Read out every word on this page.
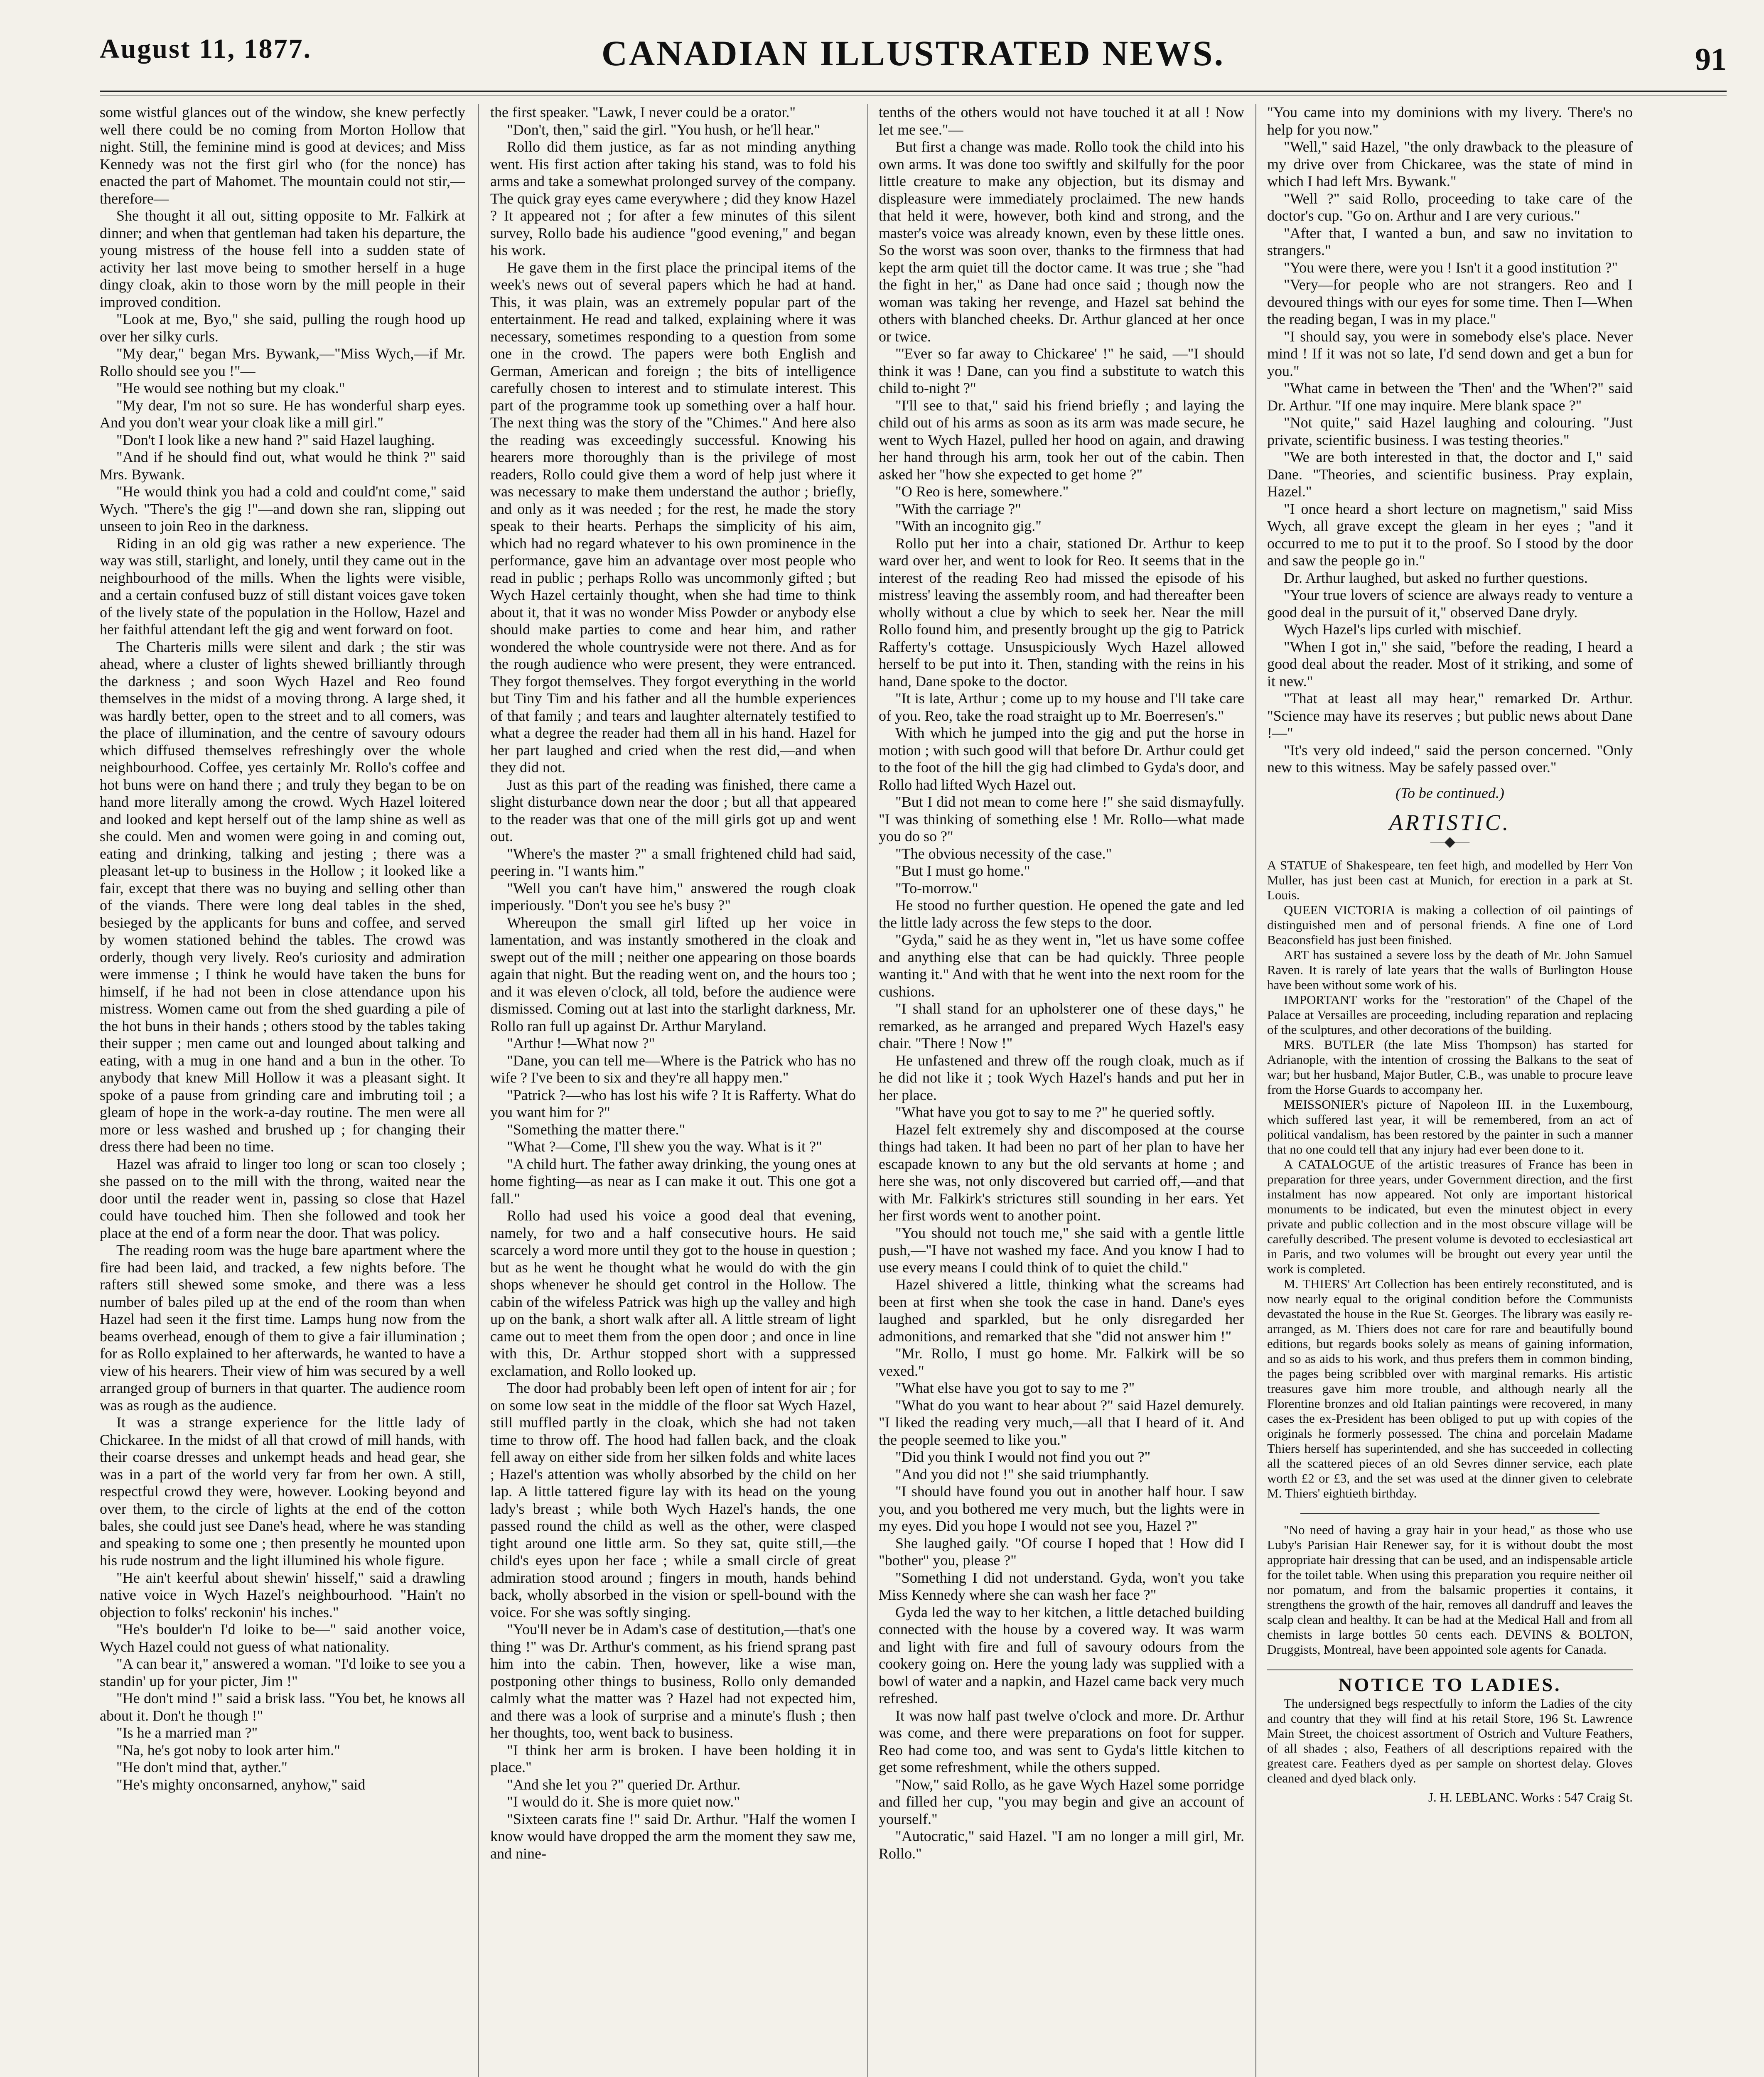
August 11, 1877.	CANADIAN ILLUSTRATED NEWS.	91

some wistful glances out of the window, she knew perfectly well there could be no coming from Morton Hollow that night. Still, the feminine mind is good at devices; and Miss Kennedy was not the first girl who (for the nonce) has enacted the part of Mahomet. The mountain could not stir,—therefore—

She thought it all out, sitting opposite to Mr. Falkirk at dinner; and when that gentleman had taken his departure, the young mistress of the house fell into a sudden state of activity her last move being to smother herself in a huge dingy cloak, akin to those worn by the mill people in their improved condition.

"Look at me, Byo," she said, pulling the rough hood up over her silky curls.

"My dear," began Mrs. Bywank,—"Miss Wych,—if Mr. Rollo should see you !"—

"He would see nothing but my cloak."

"My dear, I'm not so sure. He has wonderful sharp eyes. And you don't wear your cloak like a mill girl."

"Don't I look like a new hand ?" said Hazel laughing.

"And if he should find out, what would he think ?" said Mrs. Bywank.

"He would think you had a cold and could'nt come," said Wych. "There's the gig !"—and down she ran, slipping out unseen to join Reo in the darkness.

Riding in an old gig was rather a new experience. The way was still, starlight, and lonely, until they came out in the neighbourhood of the mills. When the lights were visible, and a certain confused buzz of still distant voices gave token of the lively state of the population in the Hollow, Hazel and her faithful attendant left the gig and went forward on foot.

The Charteris mills were silent and dark ; the stir was ahead, where a cluster of lights shewed brilliantly through the darkness ; and soon Wych Hazel and Reo found themselves in the midst of a moving throng. A large shed, it was hardly better, open to the street and to all comers, was the place of illumination, and the centre of savoury odours which diffused themselves refreshingly over the whole neighbourhood. Coffee, yes certainly Mr. Rollo's coffee and hot buns were on hand there ; and truly they began to be on hand more literally among the crowd. Wych Hazel loitered and looked and kept herself out of the lamp shine as well as she could. Men and women were going in and coming out, eating and drinking, talking and jesting ; there was a pleasant let-up to business in the Hollow ; it looked like a fair, except that there was no buying and selling other than of the viands. There were long deal tables in the shed, besieged by the applicants for buns and coffee, and served by women stationed behind the tables. The crowd was orderly, though very lively. Reo's curiosity and admiration were immense ; I think he would have taken the buns for himself, if he had not been in close attendance upon his mistress. Women came out from the shed guarding a pile of the hot buns in their hands ; others stood by the tables taking their supper ; men came out and lounged about talking and eating, with a mug in one hand and a bun in the other. To anybody that knew Mill Hollow it was a pleasant sight. It spoke of a pause from grinding care and imbruting toil ; a gleam of hope in the work-a-day routine. The men were all more or less washed and brushed up ; for changing their dress there had been no time.

Hazel was afraid to linger too long or scan too closely ; she passed on to the mill with the throng, waited near the door until the reader went in, passing so close that Hazel could have touched him. Then she followed and took her place at the end of a form near the door. That was policy.

The reading room was the huge bare apartment where the fire had been laid, and tracked, a few nights before. The rafters still shewed some smoke, and there was a less number of bales piled up at the end of the room than when Hazel had seen it the first time. Lamps hung now from the beams overhead, enough of them to give a fair illumination ; for as Rollo explained to her afterwards, he wanted to have a view of his hearers. Their view of him was secured by a well arranged group of burners in that quarter. The audience room was as rough as the audience.

It was a strange experience for the little lady of Chickaree. In the midst of all that crowd of mill hands, with their coarse dresses and unkempt heads and head gear, she was in a part of the world very far from her own. A still, respectful crowd they were, however. Looking beyond and over them, to the circle of lights at the end of the cotton bales, she could just see Dane's head, where he was standing and speaking to some one ; then presently he mounted upon his rude nostrum and the light illumined his whole figure.

"He ain't keerful about shewin' hisself," said a drawling native voice in Wych Hazel's neighbourhood. "Hain't no objection to folks' reckonin' his inches."

"He's boulder'n I'd loike to be—" said another voice, Wych Hazel could not guess of what nationality.

"A can bear it," answered a woman. "I'd loike to see you a standin' up for your picter, Jim !"

"He don't mind !" said a brisk lass. "You bet, he knows all about it. Don't he though !"

"Is he a married man ?"

"Na, he's got noby to look arter him."

"He don't mind that, ayther."

"He's mighty onconsarned, anyhow," said

the first speaker. "Lawk, I never could be a orator."

"Don't, then," said the girl. "You hush, or he'll hear."

Rollo did them justice, as far as not minding anything went. His first action after taking his stand, was to fold his arms and take a somewhat prolonged survey of the company. The quick gray eyes came everywhere ; did they know Hazel ? It appeared not ; for after a few minutes of this silent survey, Rollo bade his audience "good evening," and began his work.

He gave them in the first place the principal items of the week's news out of several papers which he had at hand. This, it was plain, was an extremely popular part of the entertainment. He read and talked, explaining where it was necessary, sometimes responding to a question from some one in the crowd. The papers were both English and German, American and foreign ; the bits of intelligence carefully chosen to interest and to stimulate interest. This part of the programme took up something over a half hour. The next thing was the story of the "Chimes." And here also the reading was exceedingly successful. Knowing his hearers more thoroughly than is the privilege of most readers, Rollo could give them a word of help just where it was necessary to make them understand the author ; briefly, and only as it was needed ; for the rest, he made the story speak to their hearts. Perhaps the simplicity of his aim, which had no regard whatever to his own prominence in the performance, gave him an advantage over most people who read in public ; perhaps Rollo was uncommonly gifted ; but Wych Hazel certainly thought, when she had time to think about it, that it was no wonder Miss Powder or anybody else should make parties to come and hear him, and rather wondered the whole countryside were not there. And as for the rough audience who were present, they were entranced. They forgot themselves. They forgot everything in the world but Tiny Tim and his father and all the humble experiences of that family ; and tears and laughter alternately testified to what a degree the reader had them all in his hand. Hazel for her part laughed and cried when the rest did,—and when they did not.

Just as this part of the reading was finished, there came a slight disturbance down near the door ; but all that appeared to the reader was that one of the mill girls got up and went out.

"Where's the master ?" a small frightened child had said, peering in. "I wants him."

"Well you can't have him," answered the rough cloak imperiously. "Don't you see he's busy ?"

Whereupon the small girl lifted up her voice in lamentation, and was instantly smothered in the cloak and swept out of the mill ; neither one appearing on those boards again that night. But the reading went on, and the hours too ; and it was eleven o'clock, all told, before the audience were dismissed. Coming out at last into the starlight darkness, Mr. Rollo ran full up against Dr. Arthur Maryland.

"Arthur !—What now ?"

"Dane, you can tell me—Where is the Patrick who has no wife ? I've been to six and they're all happy men."

"Patrick ?—who has lost his wife ? It is Rafferty. What do you want him for ?"

"Something the matter there."

"What ?—Come, I'll shew you the way. What is it ?"

"A child hurt. The father away drinking, the young ones at home fighting—as near as I can make it out. This one got a fall."

Rollo had used his voice a good deal that evening, namely, for two and a half consecutive hours. He said scarcely a word more until they got to the house in question ; but as he went he thought what he would do with the gin shops whenever he should get control in the Hollow. The cabin of the wifeless Patrick was high up the valley and high up on the bank, a short walk after all. A little stream of light came out to meet them from the open door ; and once in line with this, Dr. Arthur stopped short with a suppressed exclamation, and Rollo looked up.

The door had probably been left open of intent for air ; for on some low seat in the middle of the floor sat Wych Hazel, still muffled partly in the cloak, which she had not taken time to throw off. The hood had fallen back, and the cloak fell away on either side from her silken folds and white laces ; Hazel's attention was wholly absorbed by the child on her lap. A little tattered figure lay with its head on the young lady's breast ; while both Wych Hazel's hands, the one passed round the child as well as the other, were clasped tight around one little arm. So they sat, quite still,—the child's eyes upon her face ; while a small circle of great admiration stood around ; fingers in mouth, hands behind back, wholly absorbed in the vision or spell-bound with the voice. For she was softly singing.

"You'll never be in Adam's case of destitution,—that's one thing !" was Dr. Arthur's comment, as his friend sprang past him into the cabin. Then, however, like a wise man, postponing other things to business, Rollo only demanded calmly what the matter was ? Hazel had not expected him, and there was a look of surprise and a minute's flush ; then her thoughts, too, went back to business.

"I think her arm is broken. I have been holding it in place."

"And she let you ?" queried Dr. Arthur.

"I would do it. She is more quiet now."

"Sixteen carats fine !" said Dr. Arthur. "Half the women I know would have dropped the arm the moment they saw me, and nine-

tenths of the others would not have touched it at all ! Now let me see."—

But first a change was made. Rollo took the child into his own arms. It was done too swiftly and skilfully for the poor little creature to make any objection, but its dismay and displeasure were immediately proclaimed. The new hands that held it were, however, both kind and strong, and the master's voice was already known, even by these little ones. So the worst was soon over, thanks to the firmness that had kept the arm quiet till the doctor came. It was true ; she "had the fight in her," as Dane had once said ; though now the woman was taking her revenge, and Hazel sat behind the others with blanched cheeks. Dr. Arthur glanced at her once or twice.

"'Ever so far away to Chickaree' !" he said, —"I should think it was ! Dane, can you find a substitute to watch this child to-night ?"

"I'll see to that," said his friend briefly ; and laying the child out of his arms as soon as its arm was made secure, he went to Wych Hazel, pulled her hood on again, and drawing her hand through his arm, took her out of the cabin. Then asked her "how she expected to get home ?"

"O Reo is here, somewhere."

"With the carriage ?"

"With an incognito gig."

Rollo put her into a chair, stationed Dr. Arthur to keep ward over her, and went to look for Reo. It seems that in the interest of the reading Reo had missed the episode of his mistress' leaving the assembly room, and had thereafter been wholly without a clue by which to seek her. Near the mill Rollo found him, and presently brought up the gig to Patrick Rafferty's cottage. Unsuspiciously Wych Hazel allowed herself to be put into it. Then, standing with the reins in his hand, Dane spoke to the doctor.

"It is late, Arthur ; come up to my house and I'll take care of you. Reo, take the road straight up to Mr. Boerresen's."

With which he jumped into the gig and put the horse in motion ; with such good will that before Dr. Arthur could get to the foot of the hill the gig had climbed to Gyda's door, and Rollo had lifted Wych Hazel out.

"But I did not mean to come here !" she said dismayfully. "I was thinking of something else ! Mr. Rollo—what made you do so ?"

"The obvious necessity of the case."

"But I must go home."

"To-morrow."

He stood no further question. He opened the gate and led the little lady across the few steps to the door.

"Gyda," said he as they went in, "let us have some coffee and anything else that can be had quickly. Three people wanting it." And with that he went into the next room for the cushions.

"I shall stand for an upholsterer one of these days," he remarked, as he arranged and prepared Wych Hazel's easy chair. "There ! Now !"

He unfastened and threw off the rough cloak, much as if he did not like it ; took Wych Hazel's hands and put her in her place.

"What have you got to say to me ?" he queried softly.

Hazel felt extremely shy and discomposed at the course things had taken. It had been no part of her plan to have her escapade known to any but the old servants at home ; and here she was, not only discovered but carried off,—and that with Mr. Falkirk's strictures still sounding in her ears. Yet her first words went to another point.

"You should not touch me," she said with a gentle little push,—"I have not washed my face. And you know I had to use every means I could think of to quiet the child."

Hazel shivered a little, thinking what the screams had been at first when she took the case in hand. Dane's eyes laughed and sparkled, but he only disregarded her admonitions, and remarked that she "did not answer him !"

"Mr. Rollo, I must go home. Mr. Falkirk will be so vexed."

"What else have you got to say to me ?"

"What do you want to hear about ?" said Hazel demurely. "I liked the reading very much,—all that I heard of it. And the people seemed to like you."

"Did you think I would not find you out ?"

"And you did not !" she said triumphantly.

"I should have found you out in another half hour. I saw you, and you bothered me very much, but the lights were in my eyes. Did you hope I would not see you, Hazel ?"

She laughed gaily. "Of course I hoped that ! How did I "bother" you, please ?"

"Something I did not understand. Gyda, won't you take Miss Kennedy where she can wash her face ?"

Gyda led the way to her kitchen, a little detached building connected with the house by a covered way. It was warm and light with fire and full of savoury odours from the cookery going on. Here the young lady was supplied with a bowl of water and a napkin, and Hazel came back very much refreshed.

It was now half past twelve o'clock and more. Dr. Arthur was come, and there were preparations on foot for supper. Reo had come too, and was sent to Gyda's little kitchen to get some refreshment, while the others supped.

"Now," said Rollo, as he gave Wych Hazel some porridge and filled her cup, "you may begin and give an account of yourself."

"Autocratic," said Hazel. "I am no longer a mill girl, Mr. Rollo."

"You came into my dominions with my livery. There's no help for you now."

"Well," said Hazel, "the only drawback to the pleasure of my drive over from Chickaree, was the state of mind in which I had left Mrs. Bywank."

"Well ?" said Rollo, proceeding to take care of the doctor's cup. "Go on. Arthur and I are very curious."

"After that, I wanted a bun, and saw no invitation to strangers."

"You were there, were you ! Isn't it a good institution ?"

"Very—for people who are not strangers. Reo and I devoured things with our eyes for some time. Then I—When the reading began, I was in my place."

"I should say, you were in somebody else's place. Never mind ! If it was not so late, I'd send down and get a bun for you."

"What came in between the 'Then' and the 'When'?" said Dr. Arthur. "If one may inquire. Mere blank space ?"

"Not quite," said Hazel laughing and colouring. "Just private, scientific business. I was testing theories."

"We are both interested in that, the doctor and I," said Dane. "Theories, and scientific business. Pray explain, Hazel."

"I once heard a short lecture on magnetism," said Miss Wych, all grave except the gleam in her eyes ; "and it occurred to me to put it to the proof. So I stood by the door and saw the people go in."

Dr. Arthur laughed, but asked no further questions.

"Your true lovers of science are always ready to venture a good deal in the pursuit of it," observed Dane dryly.

Wych Hazel's lips curled with mischief.

"When I got in," she said, "before the reading, I heard a good deal about the reader. Most of it striking, and some of it new."

"That at least all may hear," remarked Dr. Arthur. "Science may have its reserves ; but public news about Dane !—"

"It's very old indeed," said the person concerned. "Only new to this witness. May be safely passed over."

(To be continued.)
ARTISTIC.
—◆—

A STATUE of Shakespeare, ten feet high, and modelled by Herr Von Muller, has just been cast at Munich, for erection in a park at St. Louis.

QUEEN VICTORIA is making a collection of oil paintings of distinguished men and of personal friends. A fine one of Lord Beaconsfield has just been finished.

ART has sustained a severe loss by the death of Mr. John Samuel Raven. It is rarely of late years that the walls of Burlington House have been without some work of his.

IMPORTANT works for the "restoration" of the Chapel of the Palace at Versailles are proceeding, including reparation and replacing of the sculptures, and other decorations of the building.

MRS. BUTLER (the late Miss Thompson) has started for Adrianople, with the intention of crossing the Balkans to the seat of war; but her husband, Major Butler, C.B., was unable to procure leave from the Horse Guards to accompany her.

MEISSONIER's picture of Napoleon III. in the Luxembourg, which suffered last year, it will be remembered, from an act of political vandalism, has been restored by the painter in such a manner that no one could tell that any injury had ever been done to it.

A CATALOGUE of the artistic treasures of France has been in preparation for three years, under Government direction, and the first instalment has now appeared. Not only are important historical monuments to be indicated, but even the minutest object in every private and public collection and in the most obscure village will be carefully described. The present volume is devoted to ecclesiastical art in Paris, and two volumes will be brought out every year until the work is completed.

M. THIERS' Art Collection has been entirely reconstituted, and is now nearly equal to the original condition before the Communists devastated the house in the Rue St. Georges. The library was easily re-arranged, as M. Thiers does not care for rare and beautifully bound editions, but regards books solely as means of gaining information, and so as aids to his work, and thus prefers them in common binding, the pages being scribbled over with marginal remarks. His artistic treasures gave him more trouble, and although nearly all the Florentine bronzes and old Italian paintings were recovered, in many cases the ex-President has been obliged to put up with copies of the originals he formerly possessed. The china and porcelain Madame Thiers herself has superintended, and she has succeeded in collecting all the scattered pieces of an old Sevres dinner service, each plate worth £2 or £3, and the set was used at the dinner given to celebrate M. Thiers' eightieth birthday.

"No need of having a gray hair in your head," as those who use Luby's Parisian Hair Renewer say, for it is without doubt the most appropriate hair dressing that can be used, and an indispensable article for the toilet table. When using this preparation you require neither oil nor pomatum, and from the balsamic properties it contains, it strengthens the growth of the hair, removes all dandruff and leaves the scalp clean and healthy. It can be had at the Medical Hall and from all chemists in large bottles 50 cents each. DEVINS & BOLTON, Druggists, Montreal, have been appointed sole agents for Canada.

NOTICE TO LADIES.

The undersigned begs respectfully to inform the Ladies of the city and country that they will find at his retail Store, 196 St. Lawrence Main Street, the choicest assortment of Ostrich and Vulture Feathers, of all shades ; also, Feathers of all descriptions repaired with the greatest care. Feathers dyed as per sample on shortest delay. Gloves cleaned and dyed black only.

J. H. LEBLANC. Works : 547 Craig St.
